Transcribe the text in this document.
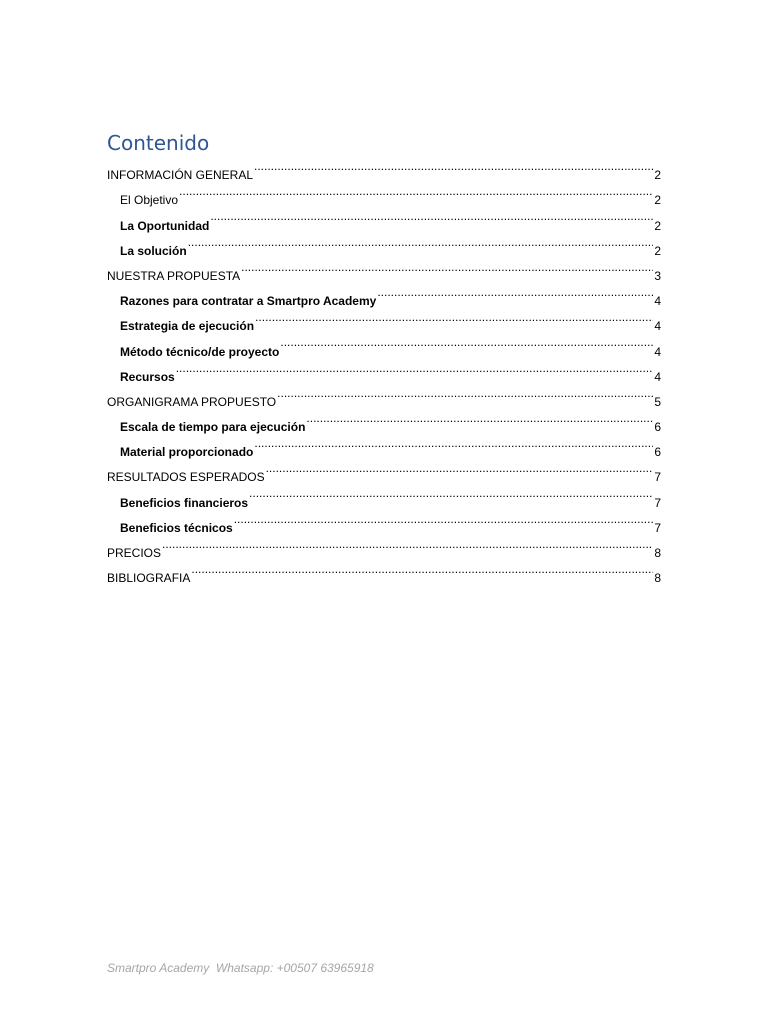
Contenido
INFORMACIÓN GENERAL .....	2
El Objetivo .....	2
La Oportunidad .....	2
La solución .....	2
NUESTRA PROPUESTA .....	3
Razones para contratar a Smartpro Academy .....	4
Estrategia de ejecución .....	4
Método técnico/de proyecto .....	4
Recursos .....	4
ORGANIGRAMA PROPUESTO .....	5
Escala de tiempo para ejecución .....	6
Material proporcionado .....	6
RESULTADOS ESPERADOS .....	7
Beneficios financieros .....	7
Beneficios técnicos .....	7
PRECIOS .....	8
BIBLIOGRAFIA .....	8
Smartpro Academy  Whatsapp: +00507 63965918
